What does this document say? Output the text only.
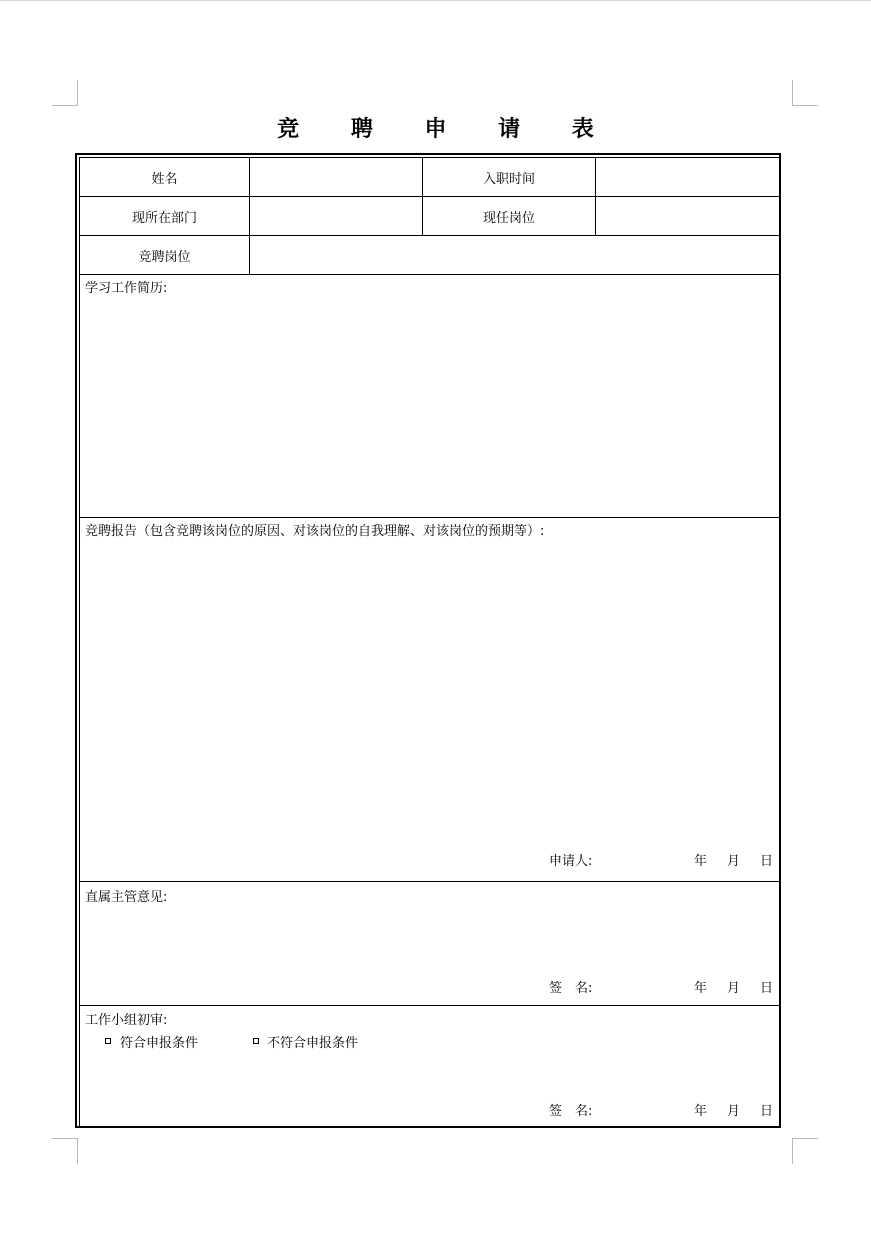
竞 聘 申 请 表
姓名	入职时间
现所在部门	现任岗位
竞聘岗位
学习工作简历:
竞聘报告（包含竞聘该岗位的原因、对该岗位的自我理解、对该岗位的预期等）:
申请人:	年 月 日
直属主管意见:
签　名:	年 月 日
工作小组初审:
符合申报条件	不符合申报条件
签　名:	年 月 日
